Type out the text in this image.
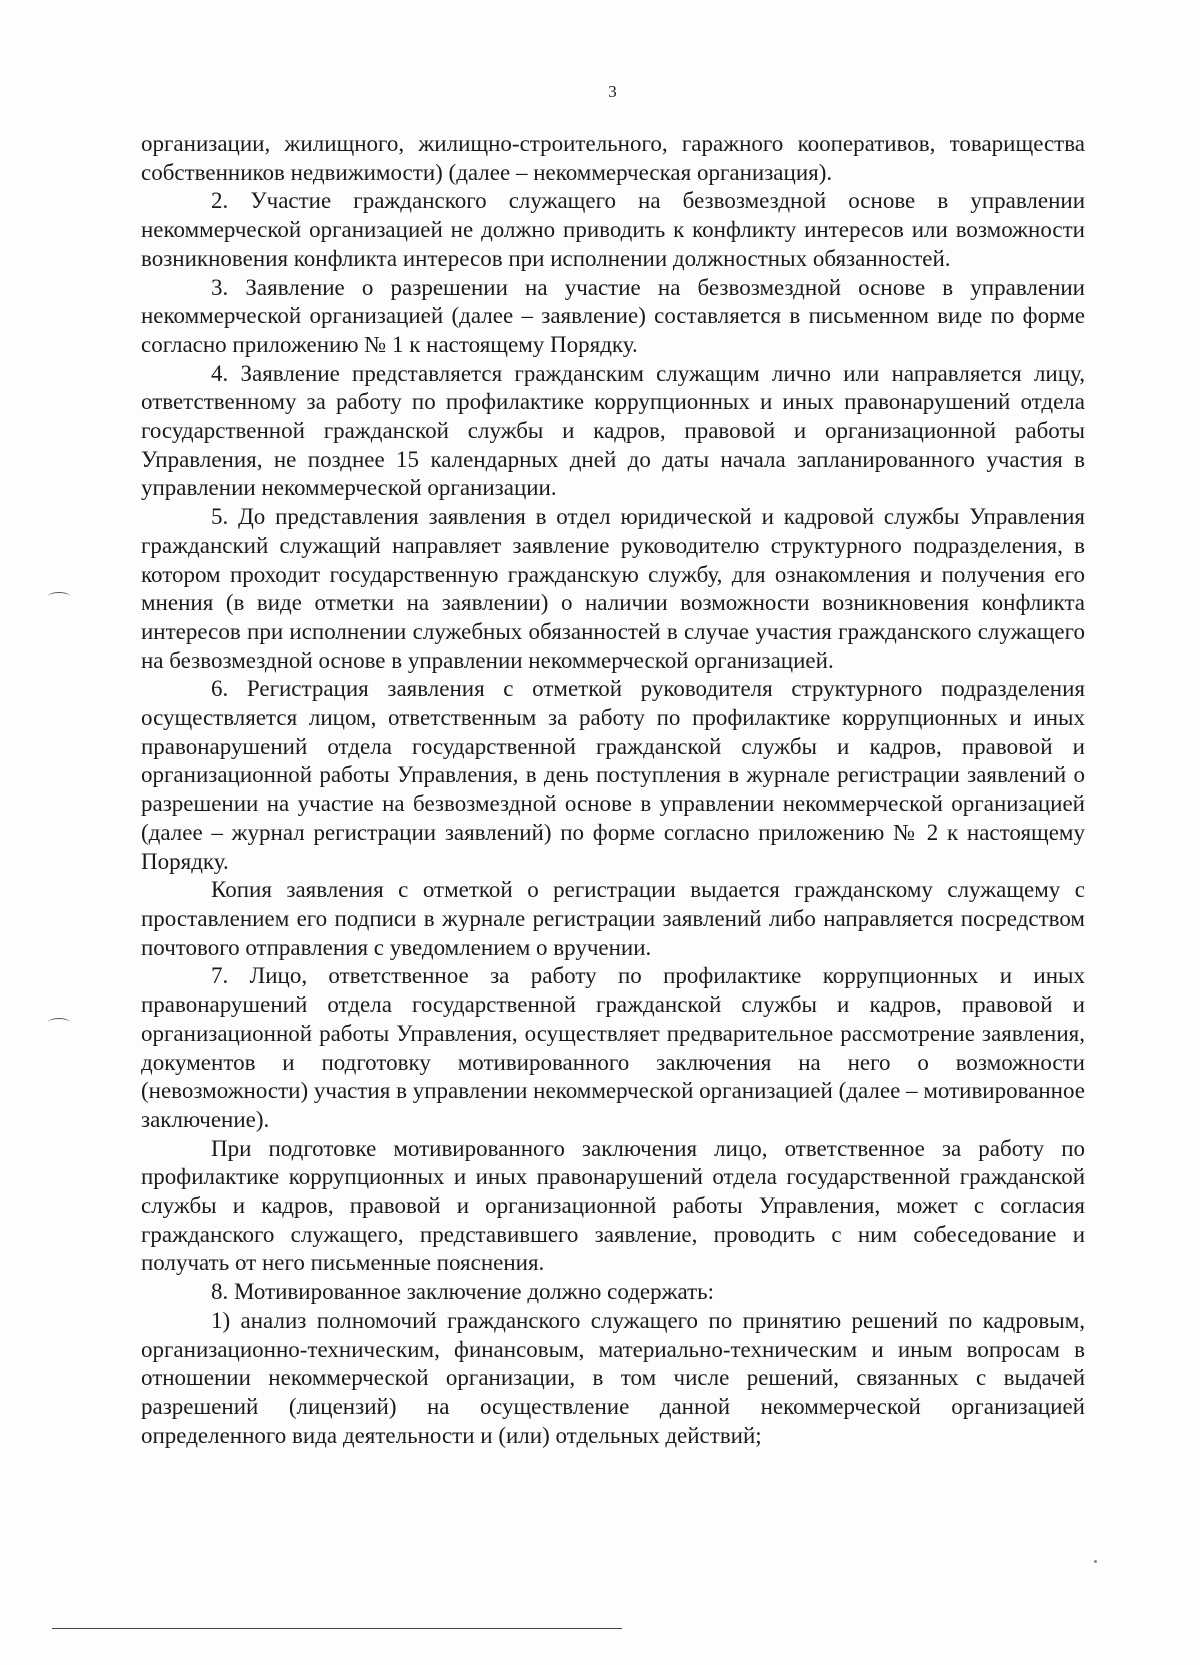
3

организации, жилищного, жилищно-строительного, гаражного кооперативов, товарищества собственников недвижимости) (далее – некоммерческая организация).

2. Участие гражданского служащего на безвозмездной основе в управлении некоммерческой организацией не должно приводить к конфликту интересов или возможности возникновения конфликта интересов при исполнении должностных обязанностей.

3. Заявление о разрешении на участие на безвозмездной основе в управлении некоммерческой организацией (далее – заявление) составляется в письменном виде по форме согласно приложению № 1 к настоящему Порядку.

4. Заявление представляется гражданским служащим лично или направляется лицу, ответственному за работу по профилактике коррупционных и иных правонарушений отдела государственной гражданской службы и кадров, правовой и организационной работы Управления, не позднее 15 календарных дней до даты начала запланированного участия в управлении некоммерческой организации.

5. До представления заявления в отдел юридической и кадровой службы Управления гражданский служащий направляет заявление руководителю структурного подразделения, в котором проходит государственную гражданскую службу, для ознакомления и получения его мнения (в виде отметки на заявлении) о наличии возможности возникновения конфликта интересов при исполнении служебных обязанностей в случае участия гражданского служащего на безвозмездной основе в управлении некоммерческой организацией.

6. Регистрация заявления с отметкой руководителя структурного подразделения осуществляется лицом, ответственным за работу по профилактике коррупционных и иных правонарушений отдела государственной гражданской службы и кадров, правовой и организационной работы Управления, в день поступления в журнале регистрации заявлений о разрешении на участие на безвозмездной основе в управлении некоммерческой организацией (далее – журнал регистрации заявлений) по форме согласно приложению № 2 к настоящему Порядку.

Копия заявления с отметкой о регистрации выдается гражданскому служащему с проставлением его подписи в журнале регистрации заявлений либо направляется посредством почтового отправления с уведомлением о вручении.

7. Лицо, ответственное за работу по профилактике коррупционных и иных правонарушений отдела государственной гражданской службы и кадров, правовой и организационной работы Управления, осуществляет предварительное рассмотрение заявления, документов и подготовку мотивированного заключения на него о возможности (невозможности) участия в управлении некоммерческой организацией (далее – мотивированное заключение).

При подготовке мотивированного заключения лицо, ответственное за работу по профилактике коррупционных и иных правонарушений отдела государственной гражданской службы и кадров, правовой и организационной работы Управления, может с согласия гражданского служащего, представившего заявление, проводить с ним собеседование и получать от него письменные пояснения.

8. Мотивированное заключение должно содержать:

1) анализ полномочий гражданского служащего по принятию решений по кадровым, организационно-техническим, финансовым, материально-техническим и иным вопросам в отношении некоммерческой организации, в том числе решений, связанных с выдачей разрешений (лицензий) на осуществление данной некоммерческой организацией определенного вида деятельности и (или) отдельных действий;
